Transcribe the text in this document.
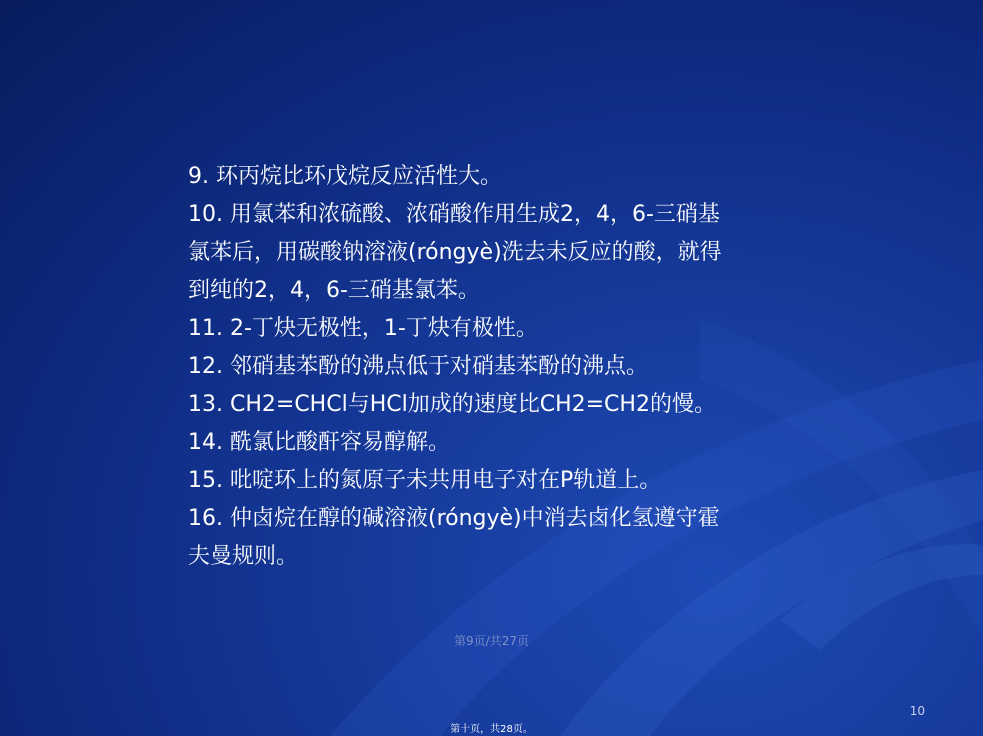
9. 环丙烷比环戊烷反应活性大。
10. 用氯苯和浓硫酸、浓硝酸作用生成2，4，6-三硝基
氯苯后，用碳酸钠溶液(róngyè)洗去未反应的酸，就得
到纯的2，4，6-三硝基氯苯。
11. 2-丁炔无极性，1-丁炔有极性。
12. 邻硝基苯酚的沸点低于对硝基苯酚的沸点。
13. CH2=CHCl与HCl加成的速度比CH2=CH2的慢。
14. 酰氯比酸酐容易醇解。
15. 吡啶环上的氮原子未共用电子对在P轨道上。
16. 仲卤烷在醇的碱溶液(róngyè)中消去卤化氢遵守霍
夫曼规则。
第9页/共27页
10
第十页，共28页。
